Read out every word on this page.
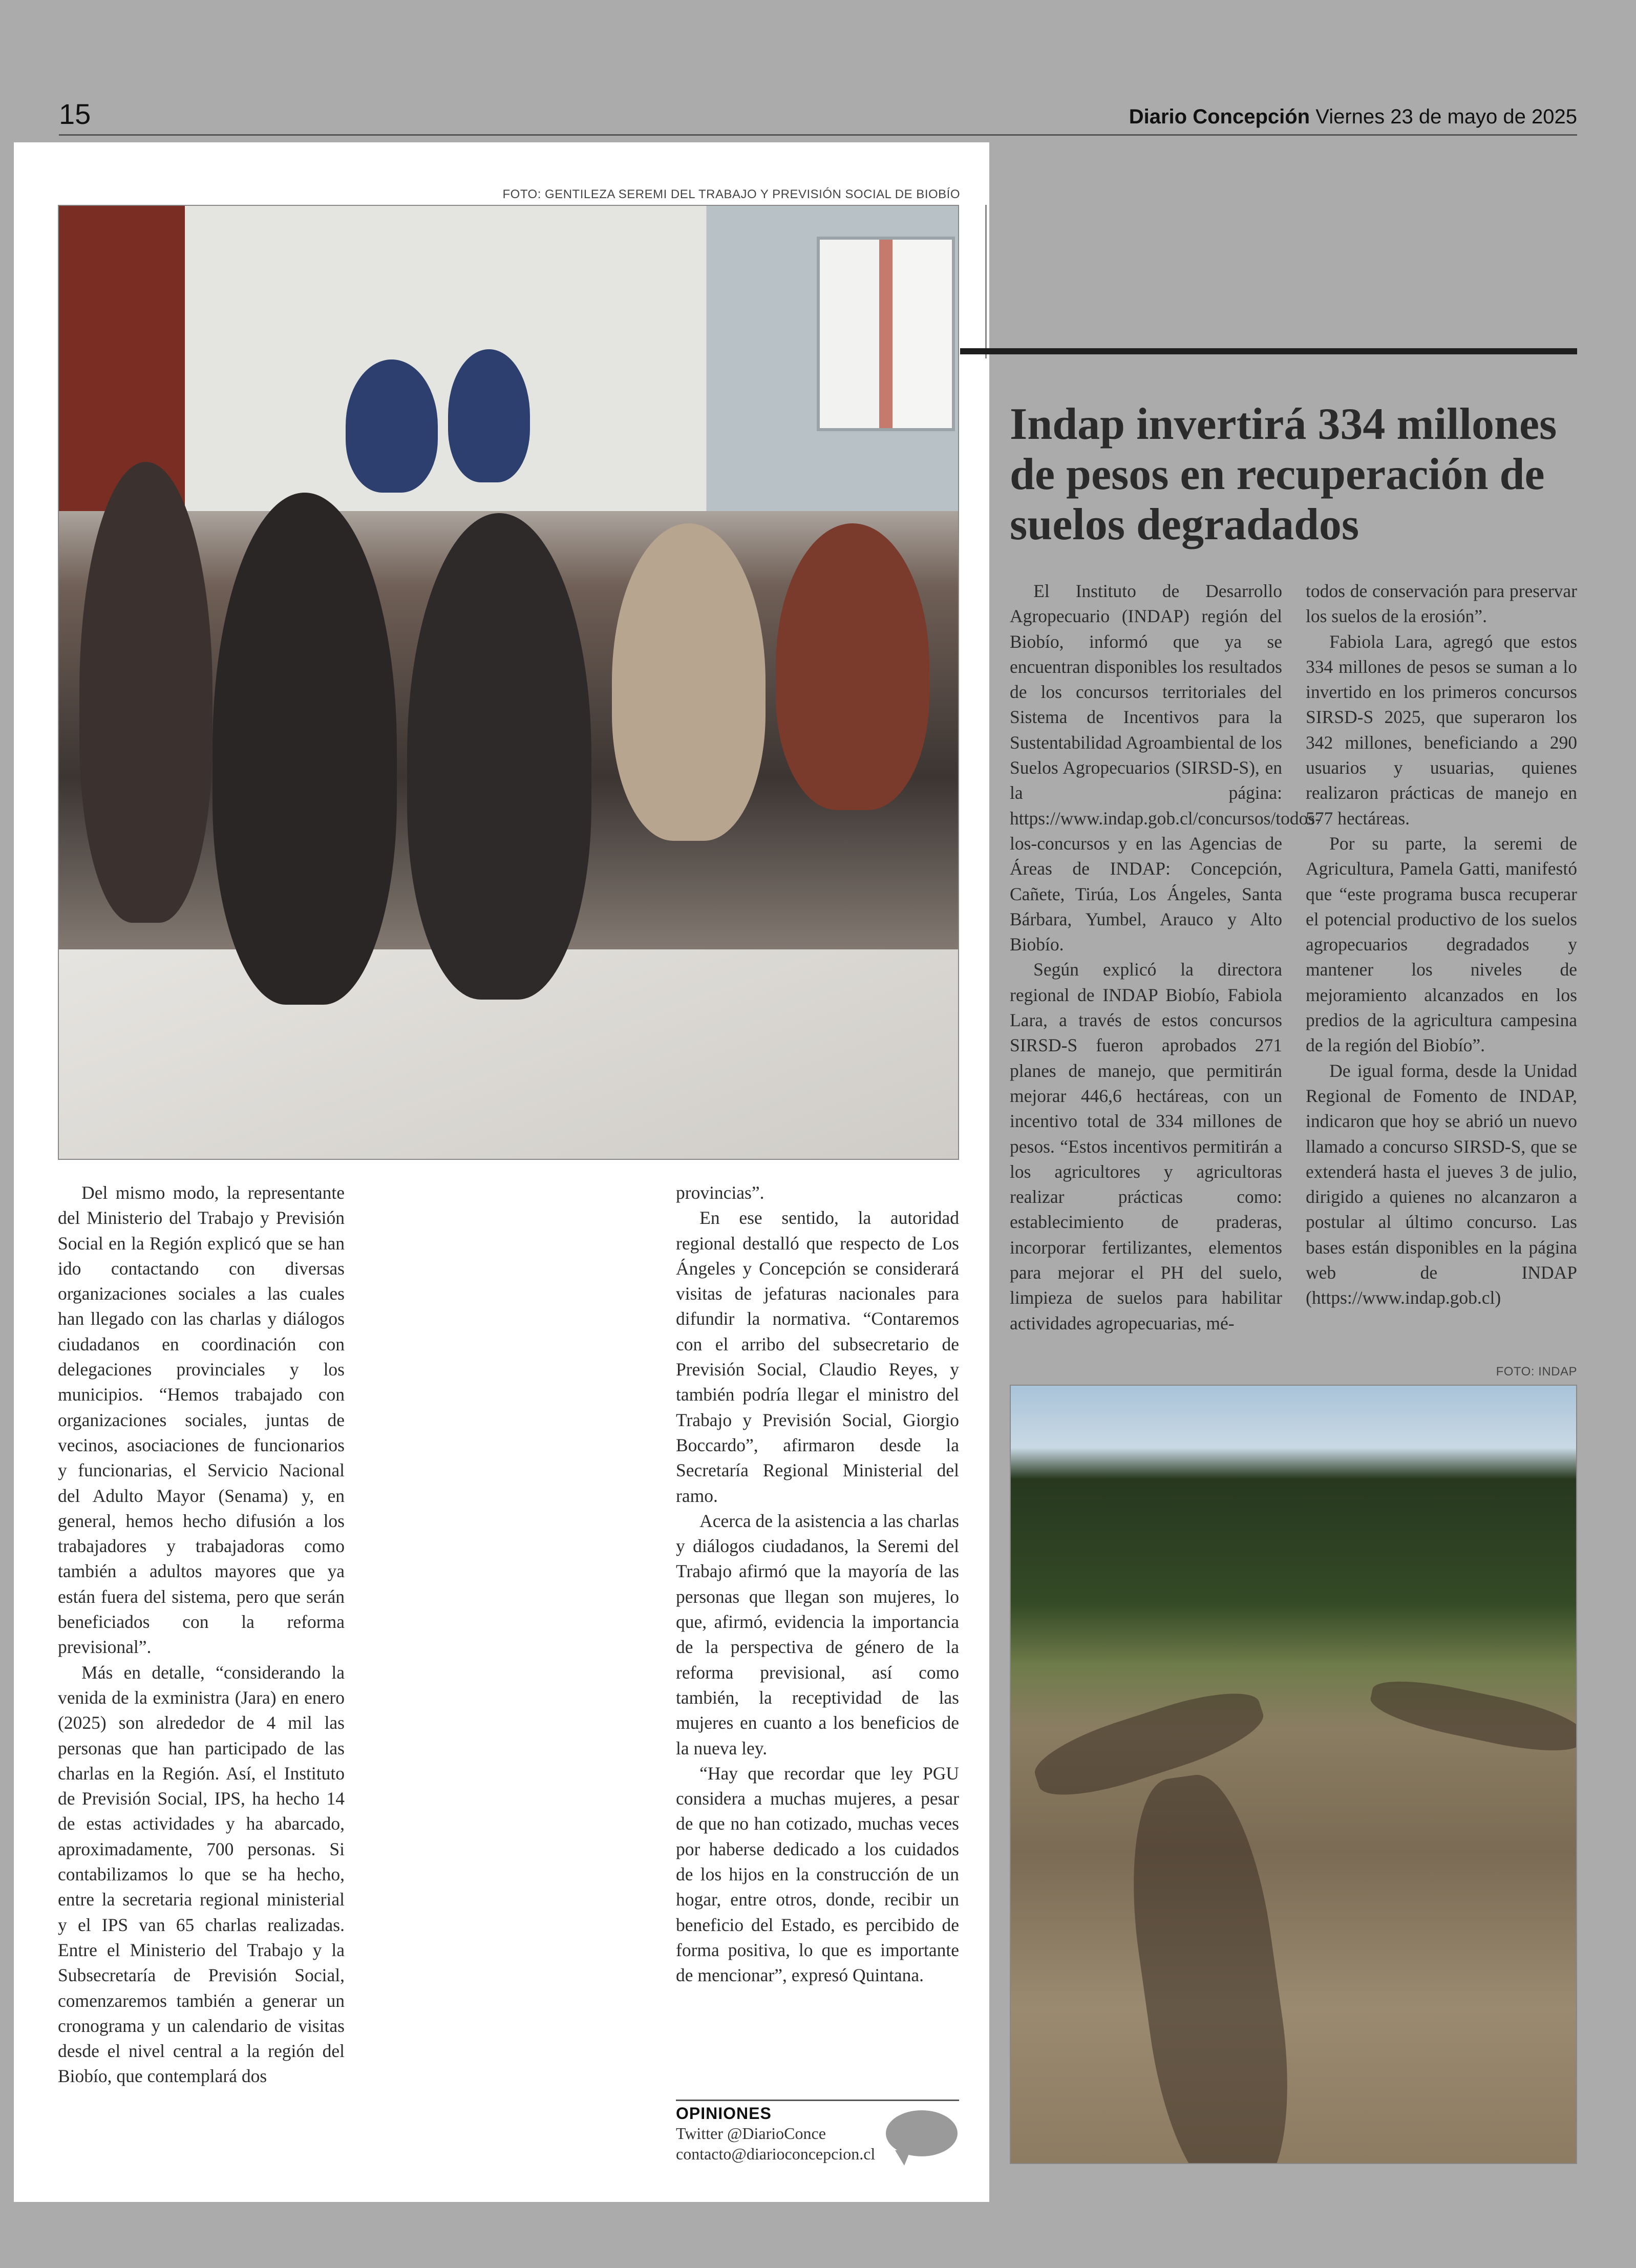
15	Diario Concepción Viernes 23 de mayo de 2025
FOTO: GENTILEZA SEREMI DEL TRABAJO Y PREVISIÓN SOCIAL DE BIOBÍO
Indap invertirá 334 millones de pesos en recuperación de suelos degradados

El Instituto de Desarrollo Agropecuario (INDAP) región del Biobío, informó que ya se encuentran disponibles los resultados de los concursos territoriales del Sistema de Incentivos para la Sustentabilidad Agroambiental de los Suelos Agropecuarios (SIRSD-S), en la página: https://www.indap.gob.cl/concursos/todos-los-concursos y en las Agencias de Áreas de INDAP: Concepción, Cañete, Tirúa, Los Ángeles, Santa Bárbara, Yumbel, Arauco y Alto Biobío.

Según explicó la directora regional de INDAP Biobío, Fabiola Lara, a través de estos concursos SIRSD-S fueron aprobados 271 planes de manejo, que permitirán mejorar 446,6 hectáreas, con un incentivo total de 334 millones de pesos. “Estos incentivos permitirán a los agricultores y agricultoras realizar prácticas como: establecimiento de praderas, incorporar fertilizantes, elementos para mejorar el PH del suelo, limpieza de suelos para habilitar actividades agropecuarias, mé-

todos de conservación para preservar los suelos de la erosión”.

Fabiola Lara, agregó que estos 334 millones de pesos se suman a lo invertido en los primeros concursos SIRSD-S 2025, que superaron los 342 millones, beneficiando a 290 usuarios y usuarias, quienes realizaron prácticas de manejo en 577 hectáreas.

Por su parte, la seremi de Agricultura, Pamela Gatti, manifestó que “este programa busca recuperar el potencial productivo de los suelos agropecuarios degradados y mantener los niveles de mejoramiento alcanzados en los predios de la agricultura campesina de la región del Biobío”.

De igual forma, desde la Unidad Regional de Fomento de INDAP, indicaron que hoy se abrió un nuevo llamado a concurso SIRSD-S, que se extenderá hasta el jueves 3 de julio, dirigido a quienes no alcanzaron a postular al último concurso. Las bases están disponibles en la página web de INDAP (https://www.indap.gob.cl)

FOTO: INDAP

Del mismo modo, la representante del Ministerio del Trabajo y Previsión Social en la Región explicó que se han ido contactando con diversas organizaciones sociales a las cuales han llegado con las charlas y diálogos ciudadanos en coordinación con delegaciones provinciales y los municipios. “Hemos trabajado con organizaciones sociales, juntas de vecinos, asociaciones de funcionarios y funcionarias, el Servicio Nacional del Adulto Mayor (Senama) y, en general, hemos hecho difusión a los trabajadores y trabajadoras como también a adultos mayores que ya están fuera del sistema, pero que serán beneficiados con la reforma previsional”.

Más en detalle, “considerando la venida de la exministra (Jara) en enero (2025) son alrededor de 4 mil las personas que han participado de las charlas en la Región. Así, el Instituto de Previsión Social, IPS, ha hecho 14 de estas actividades y ha abarcado, aproximadamente, 700 personas. Si contabilizamos lo que se ha hecho, entre la secretaria regional ministerial y el IPS van 65 charlas realizadas. Entre el Ministerio del Trabajo y la Subsecretaría de Previsión Social, comenzaremos también a generar un cronograma y un calendario de visitas desde el nivel central a la región del Biobío, que contemplará dos

provincias”.

En ese sentido, la autoridad regional destalló que respecto de Los Ángeles y Concepción se considerará visitas de jefaturas nacionales para difundir la normativa. “Contaremos con el arribo del subsecretario de Previsión Social, Claudio Reyes, y también podría llegar el ministro del Trabajo y Previsión Social, Giorgio Boccardo”, afirmaron desde la Secretaría Regional Ministerial del ramo.

Acerca de la asistencia a las charlas y diálogos ciudadanos, la Seremi del Trabajo afirmó que la mayoría de las personas que llegan son mujeres, lo que, afirmó, evidencia la importancia de la perspectiva de género de la reforma previsional, así como también, la receptividad de las mujeres en cuanto a los beneficios de la nueva ley.

“Hay que recordar que ley PGU considera a muchas mujeres, a pesar de que no han cotizado, muchas veces por haberse dedicado a los cuidados de los hijos en la construcción de un hogar, entre otros, donde, recibir un beneficio del Estado, es percibido de forma positiva, lo que es importante de mencionar”, expresó Quintana.

OPINIONES
Twitter @DiarioConce
contacto@diarioconcepcion.cl
